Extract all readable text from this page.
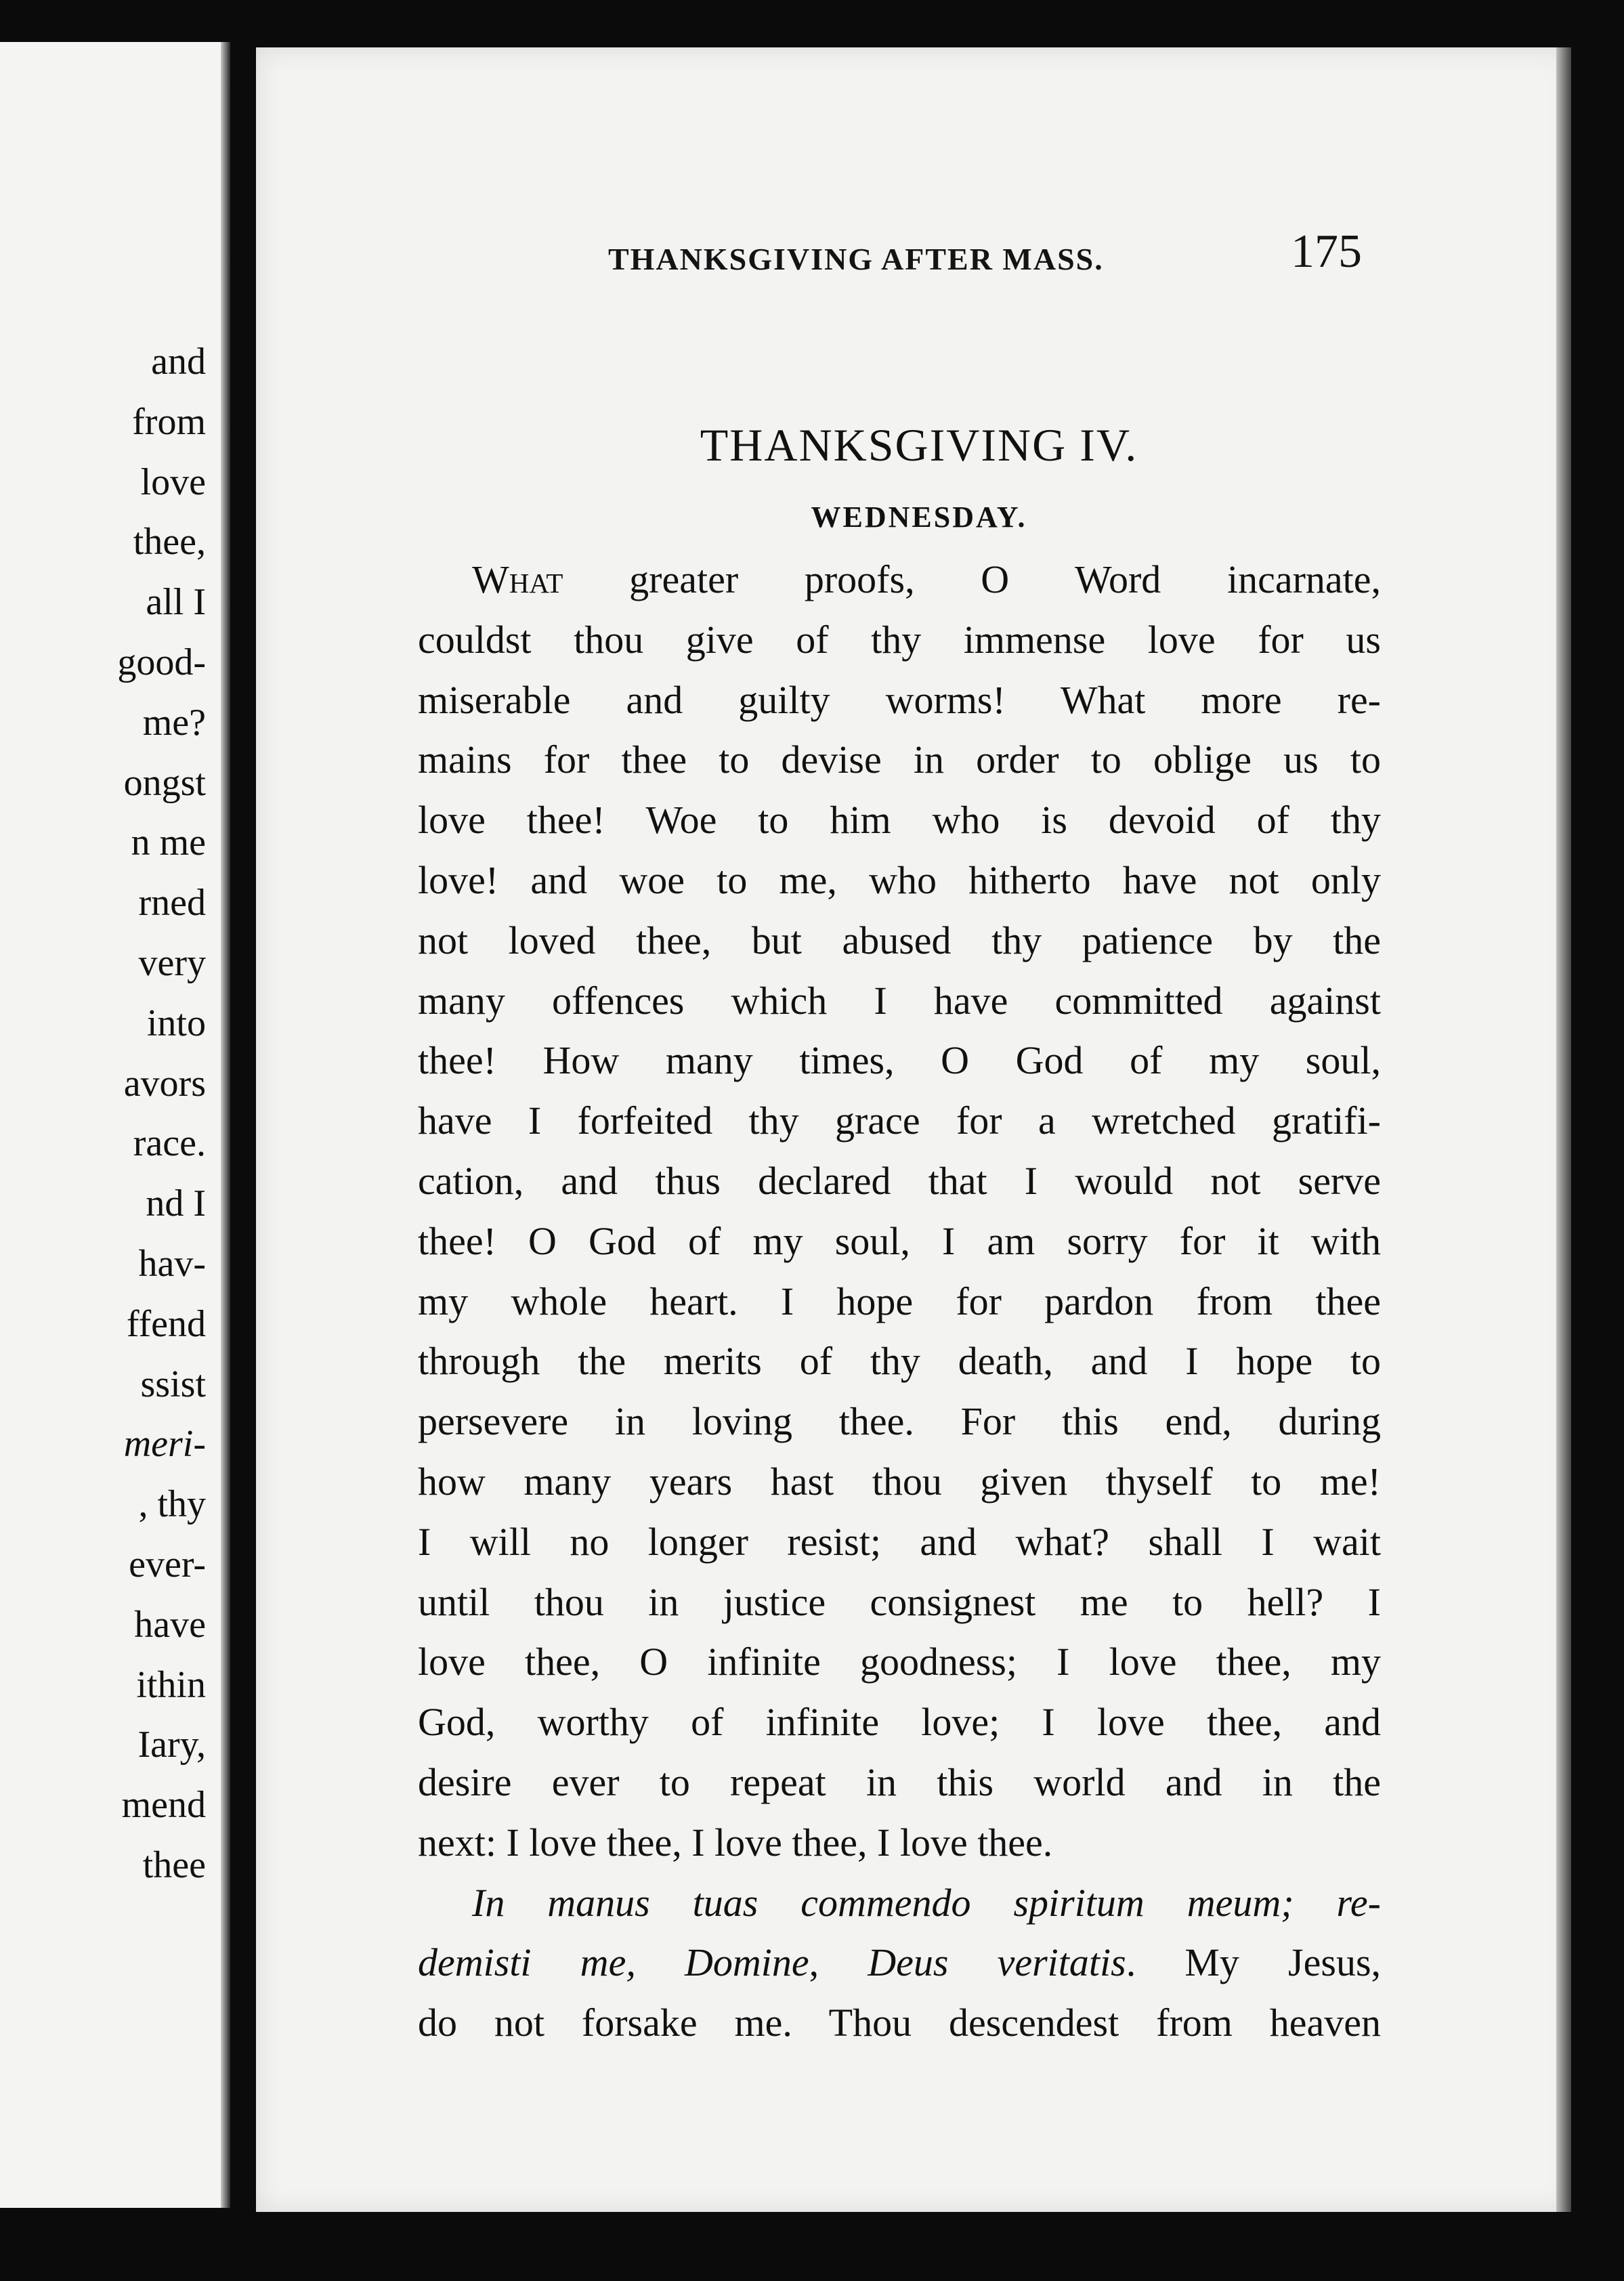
and
from
love
thee,
all I
good-
me?
ongst
n me
rned
very
into
avors
race.
nd I
hav-
ffend
ssist
meri-
, thy
ever-
have
ithin
Iary,
mend
thee
THANKSGIVING AFTER MASS.	175
THANKSGIVING IV.
WEDNESDAY.
What greater proofs, O Word incarnate,
couldst thou give of thy immense love for us
miserable and guilty worms! What more re-
mains for thee to devise in order to oblige us to
love thee! Woe to him who is devoid of thy
love! and woe to me, who hitherto have not only
not loved thee, but abused thy patience by the
many offences which I have committed against
thee! How many times, O God of my soul,
have I forfeited thy grace for a wretched gratifi-
cation, and thus declared that I would not serve
thee! O God of my soul, I am sorry for it with
my whole heart. I hope for pardon from thee
through the merits of thy death, and I hope to
persevere in loving thee. For this end, during
how many years hast thou given thyself to me!
I will no longer resist; and what? shall I wait
until thou in justice consignest me to hell? I
love thee, O infinite goodness; I love thee, my
God, worthy of infinite love; I love thee, and
desire ever to repeat in this world and in the
next: I love thee, I love thee, I love thee.
In manus tuas commendo spiritum meum; re-
demisti me, Domine, Deus veritatis. My Jesus,
do not forsake me. Thou descendest from heaven
